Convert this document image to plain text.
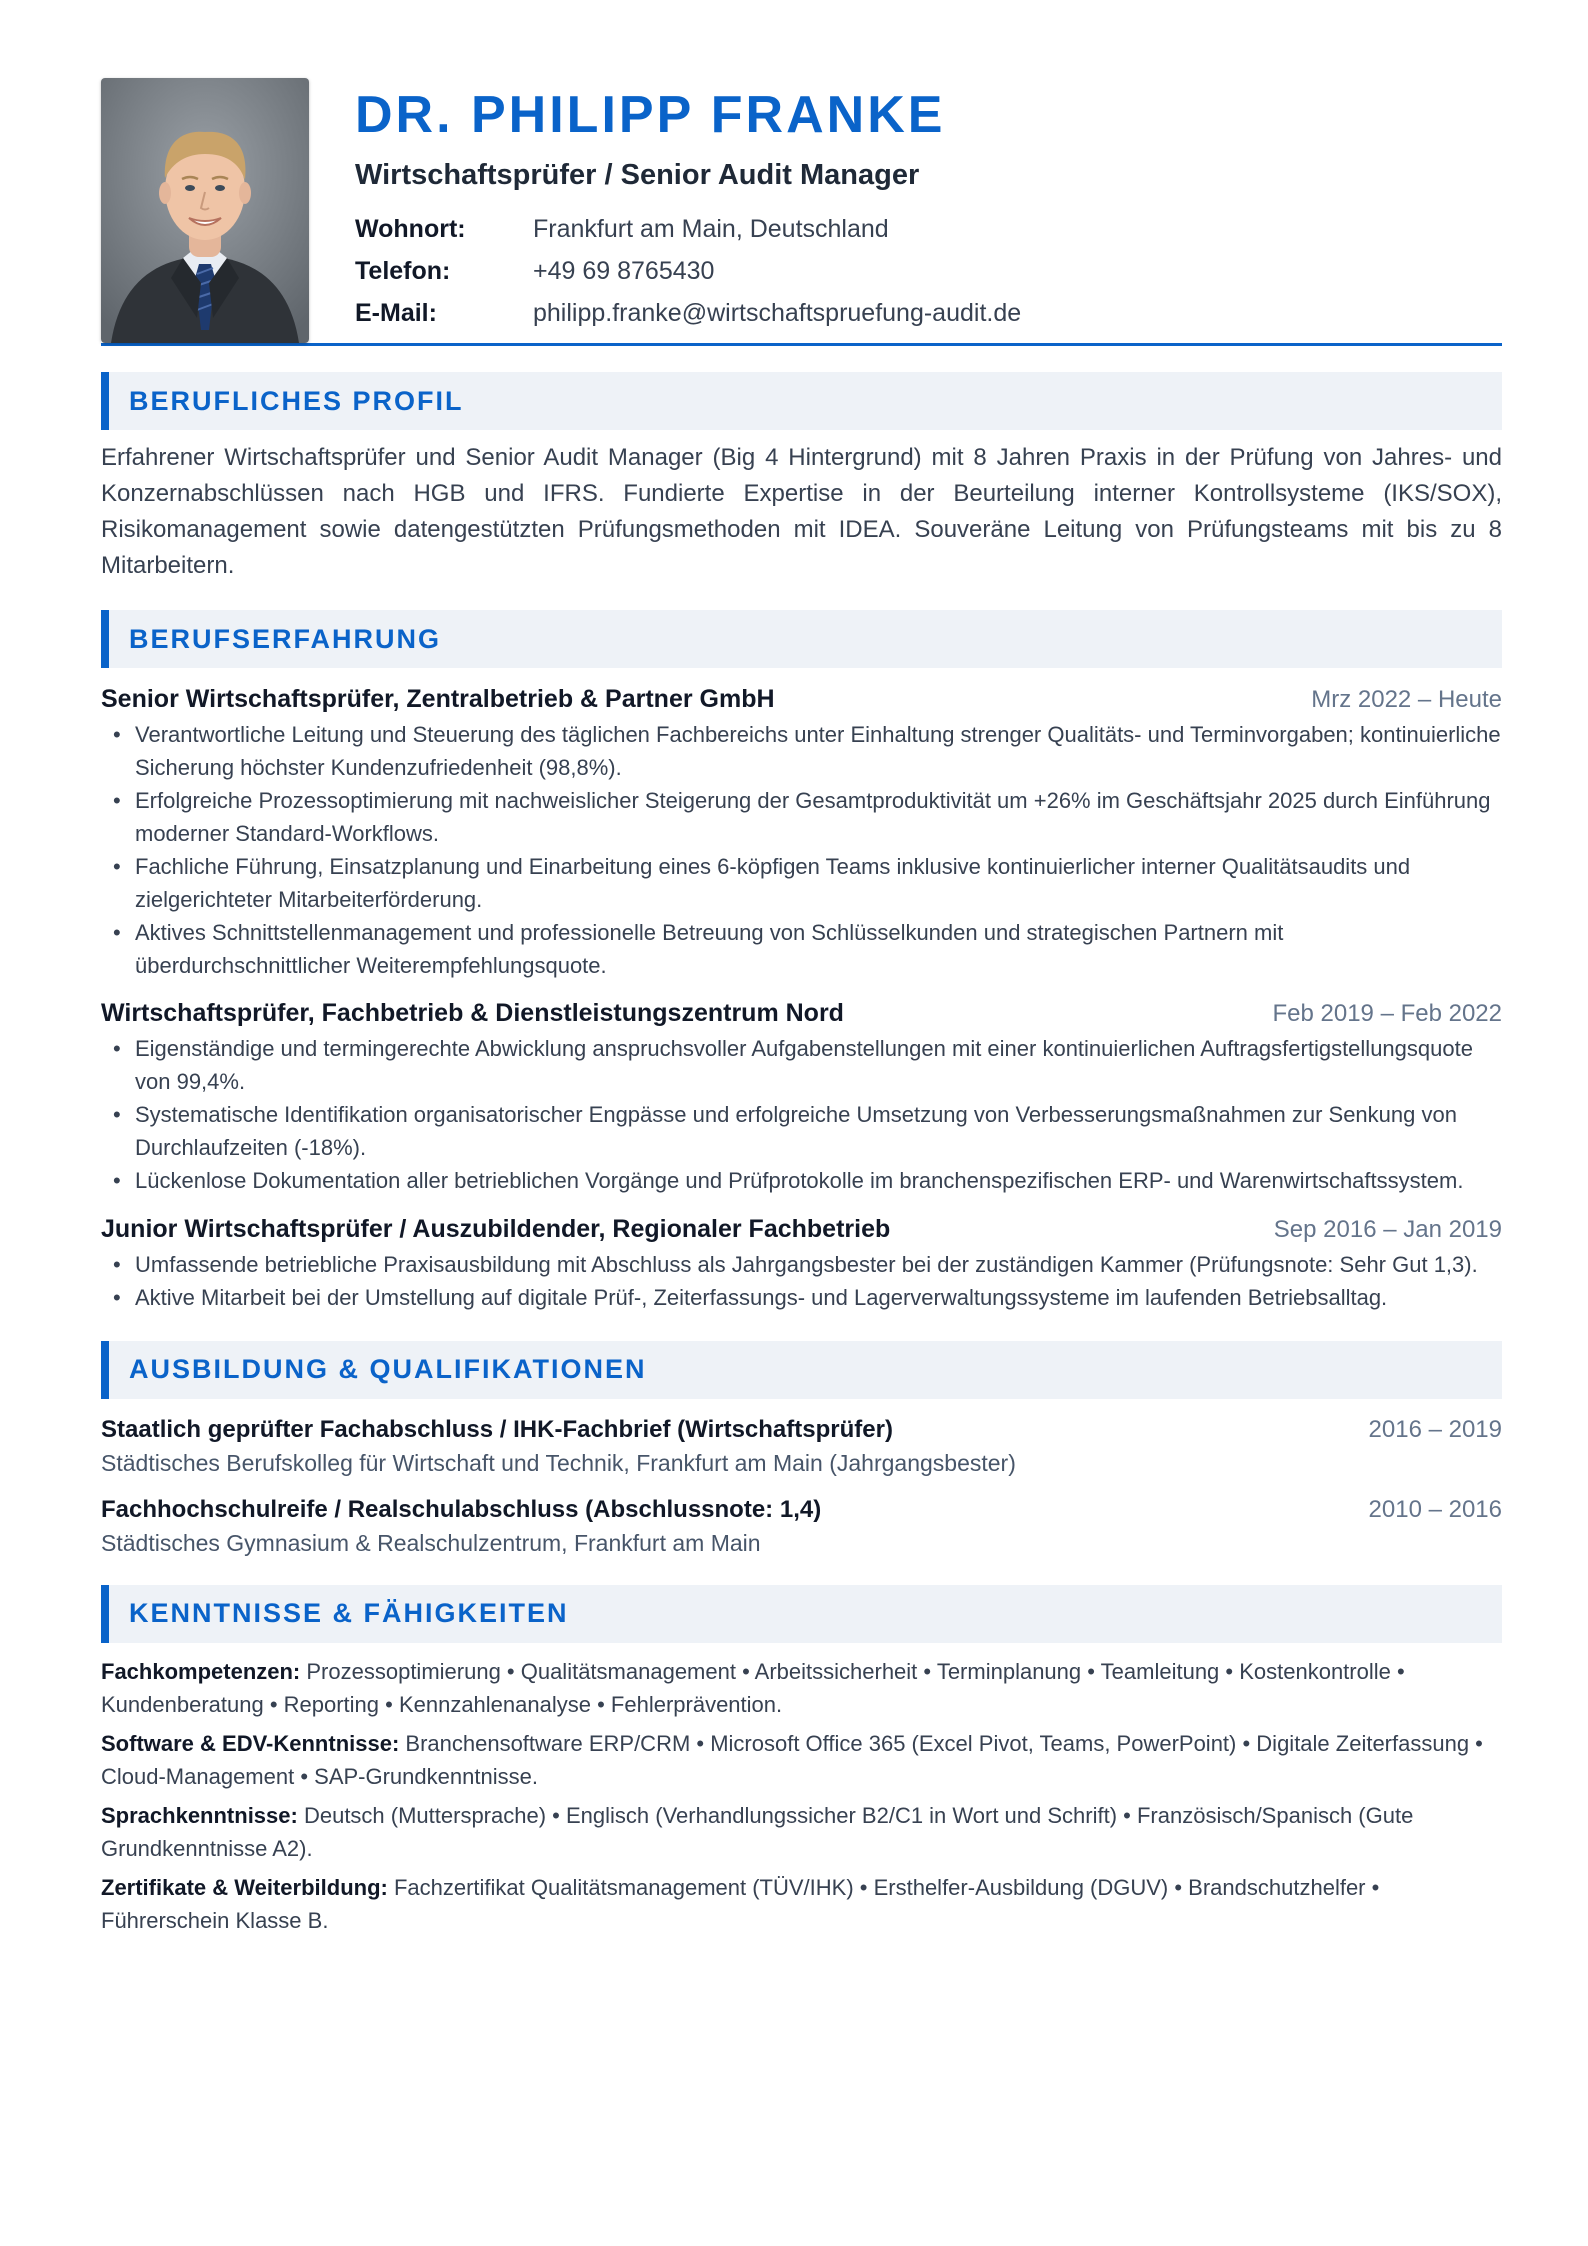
DR. PHILIPP FRANKE
Wirtschaftsprüfer / Senior Audit Manager
Wohnort:	Frankfurt am Main, Deutschland
Telefon:	+49 69 8765430
E-Mail:	philipp.franke@wirtschaftspruefung-audit.de
BERUFLICHES PROFIL

Erfahrener Wirtschaftsprüfer und Senior Audit Manager (Big 4 Hintergrund) mit 8 Jahren Praxis in der Prüfung von Jahres- und Konzernabschlüssen nach HGB und IFRS. Fundierte Expertise in der Beurteilung interner Kontrollsysteme (IKS/SOX), Risikomanagement sowie datengestützten Prüfungsmethoden mit IDEA. Souveräne Leitung von Prüfungsteams mit bis zu 8 Mitarbeitern.

BERUFSERFAHRUNG
Senior Wirtschaftsprüfer, Zentralbetrieb & Partner GmbH	Mrz 2022 – Heute
• Verantwortliche Leitung und Steuerung des täglichen Fachbereichs unter Einhaltung strenger Qualitäts- und Terminvorgaben; kontinuierliche Sicherung höchster Kundenzufriedenheit (98,8%).
• Erfolgreiche Prozessoptimierung mit nachweislicher Steigerung der Gesamtproduktivität um +26% im Geschäftsjahr 2025 durch Einführung moderner Standard-Workflows.
• Fachliche Führung, Einsatzplanung und Einarbeitung eines 6-köpfigen Teams inklusive kontinuierlicher interner Qualitätsaudits und zielgerichteter Mitarbeiterförderung.
• Aktives Schnittstellenmanagement und professionelle Betreuung von Schlüsselkunden und strategischen Partnern mit überdurchschnittlicher Weiterempfehlungsquote.
Wirtschaftsprüfer, Fachbetrieb & Dienstleistungszentrum Nord	Feb 2019 – Feb 2022
• Eigenständige und termingerechte Abwicklung anspruchsvoller Aufgabenstellungen mit einer kontinuierlichen Auftragsfertigstellungsquote von 99,4%.
• Systematische Identifikation organisatorischer Engpässe und erfolgreiche Umsetzung von Verbesserungsmaßnahmen zur Senkung von Durchlaufzeiten (-18%).
• Lückenlose Dokumentation aller betrieblichen Vorgänge und Prüfprotokolle im branchenspezifischen ERP- und Warenwirtschaftssystem.
Junior Wirtschaftsprüfer / Auszubildender, Regionaler Fachbetrieb	Sep 2016 – Jan 2019
• Umfassende betriebliche Praxisausbildung mit Abschluss als Jahrgangsbester bei der zuständigen Kammer (Prüfungsnote: Sehr Gut 1,3).
• Aktive Mitarbeit bei der Umstellung auf digitale Prüf-, Zeiterfassungs- und Lagerverwaltungssysteme im laufenden Betriebsalltag.
AUSBILDUNG & QUALIFIKATIONEN
Staatlich geprüfter Fachabschluss / IHK-Fachbrief (Wirtschaftsprüfer)	2016 – 2019
Städtisches Berufskolleg für Wirtschaft und Technik, Frankfurt am Main (Jahrgangsbester)
Fachhochschulreife / Realschulabschluss (Abschlussnote: 1,4)	2010 – 2016
Städtisches Gymnasium & Realschulzentrum, Frankfurt am Main
KENNTNISSE & FÄHIGKEITEN

Fachkompetenzen: Prozessoptimierung • Qualitätsmanagement • Arbeitssicherheit • Terminplanung • Teamleitung • Kostenkontrolle • Kundenberatung • Reporting • Kennzahlenanalyse • Fehlerprävention.

Software & EDV-Kenntnisse: Branchensoftware ERP/CRM • Microsoft Office 365 (Excel Pivot, Teams, PowerPoint) • Digitale Zeiterfassung • Cloud-Management • SAP-Grundkenntnisse.

Sprachkenntnisse: Deutsch (Muttersprache) • Englisch (Verhandlungssicher B2/C1 in Wort und Schrift) • Französisch/Spanisch (Gute Grundkenntnisse A2).

Zertifikate & Weiterbildung: Fachzertifikat Qualitätsmanagement (TÜV/IHK) • Ersthelfer-Ausbildung (DGUV) • Brandschutzhelfer • Führerschein Klasse B.
